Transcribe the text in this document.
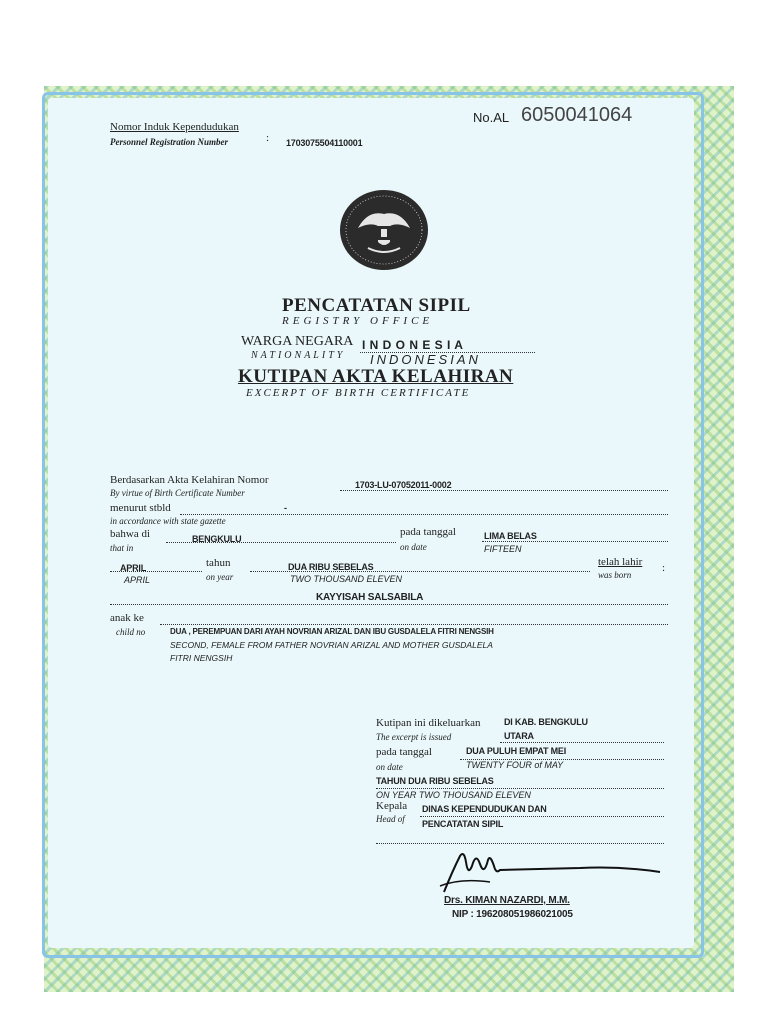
No.AL 6050041064
Nomor Induk Kependudukan
Personnel Registration Number	: 1703075504110001
PENCATATAN SIPIL
REGISTRY OFFICE
WARGA NEGARA I N D O N E S I A
NATIONALITY INDONESIAN
KUTIPAN AKTA KELAHIRAN
EXCERPT OF BIRTH CERTIFICATE
Berdasarkan Akta Kelahiran Nomor
By virtue of Birth Certificate Number
1703-LU-07052011-0002
menurut stbld
in accordance with state gazette
-
bahwa di
that in
BENGKULU
pada tanggal
on date
LIMA BELAS
FIFTEEN
APRIL
APRIL
tahun
on year
DUA RIBU SEBELAS
TWO THOUSAND ELEVEN
telah lahir
was born
:
KAYYISAH SALSABILA
anak ke
child no	DUA , PEREMPUAN DARI AYAH NOVRIAN ARIZAL DAN IBU GUSDALELA FITRI NENGSIH
SECOND, FEMALE FROM FATHER NOVRIAN ARIZAL AND MOTHER GUSDALELA
FITRI NENGSIH
Kutipan ini dikeluarkan
The excerpt is issued
DI KAB. BENGKULU
UTARA
pada tanggal
on date
DUA PULUH EMPAT MEI
TWENTY FOUR of MAY
TAHUN DUA RIBU SEBELAS
ON YEAR TWO THOUSAND ELEVEN
Kepala
Head of
DINAS KEPENDUDUKAN DAN
PENCATATAN SIPIL
Drs. KIMAN NAZARDI, M.M.
NIP : 196208051986021005
